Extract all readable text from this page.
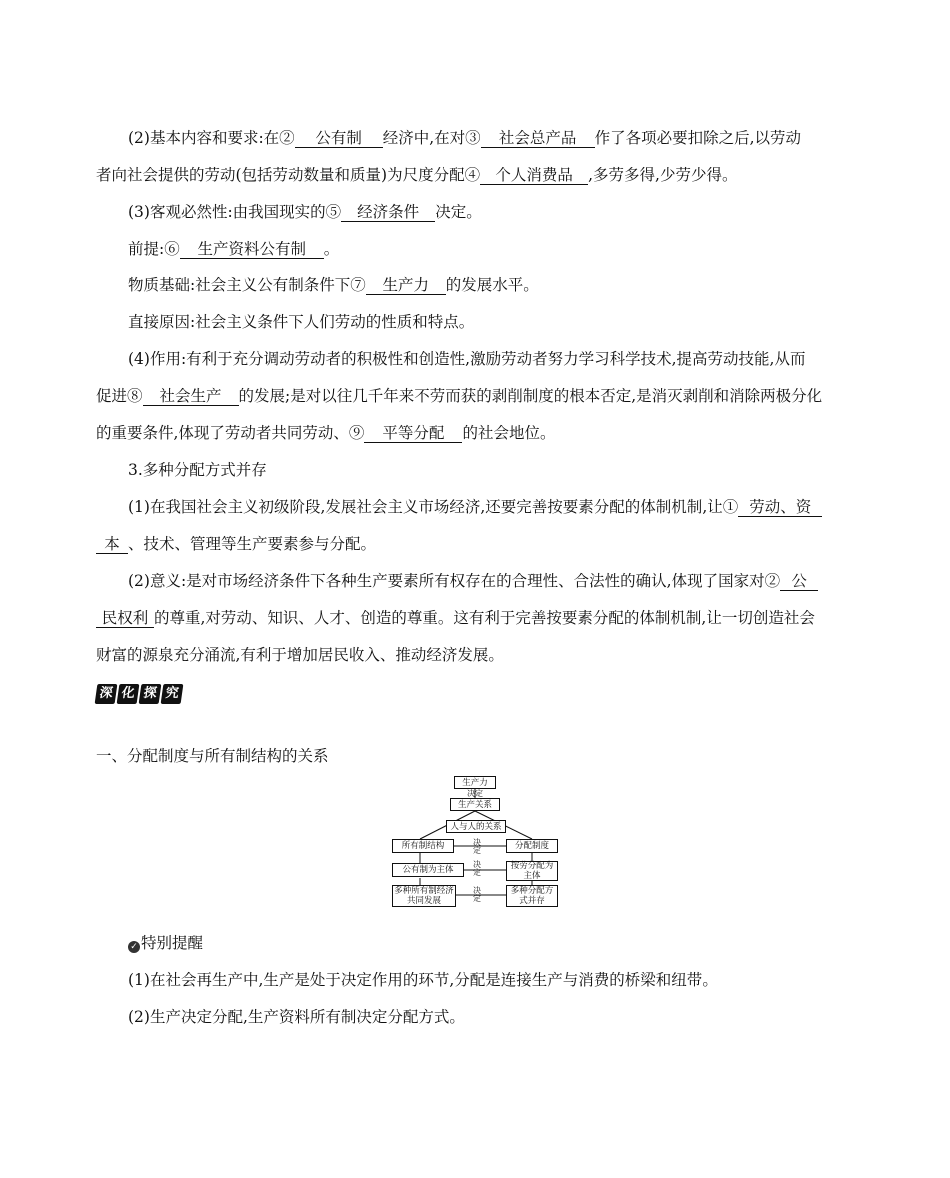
(2)基本内容和要求:在② 公有制 经济中,在对③ 社会总产品 作了各项必要扣除之后,以劳动
者向社会提供的劳动(包括劳动数量和质量)为尺度分配④ 个人消费品 ,多劳多得,少劳少得。
(3)客观必然性:由我国现实的⑤ 经济条件 决定。
前提:⑥ 生产资料公有制 。
物质基础:社会主义公有制条件下⑦ 生产力 的发展水平。
直接原因:社会主义条件下人们劳动的性质和特点。
(4)作用:有利于充分调动劳动者的积极性和创造性,激励劳动者努力学习科学技术,提高劳动技能,从而
促进⑧ 社会生产 的发展;是对以往几千年来不劳而获的剥削制度的根本否定,是消灭剥削和消除两极分化
的重要条件,体现了劳动者共同劳动、⑨ 平等分配 的社会地位。
3.多种分配方式并存
(1)在我国社会主义初级阶段,发展社会主义市场经济,还要完善按要素分配的体制机制,让① 劳动、资
本 、技术、管理等生产要素参与分配。
(2)意义:是对市场经济条件下各种生产要素所有权存在的合理性、合法性的确认,体现了国家对② 公
民权利 的尊重,对劳动、知识、人才、创造的尊重。这有利于完善按要素分配的体制机制,让一切创造社会
财富的源泉充分涌流,有利于增加居民收入、推动经济发展。
深 化 探 究
一、分配制度与所有制结构的关系
生产力
决定
生产关系
人与人的关系
所有制结构	决定	分配制度
公有制为主体
决定
按劳分配为主体
多种所有制经济共同发展
决定
多种分配方式并存
✓ 特别提醒
(1)在社会再生产中,生产是处于决定作用的环节,分配是连接生产与消费的桥梁和纽带。
(2)生产决定分配,生产资料所有制决定分配方式。
